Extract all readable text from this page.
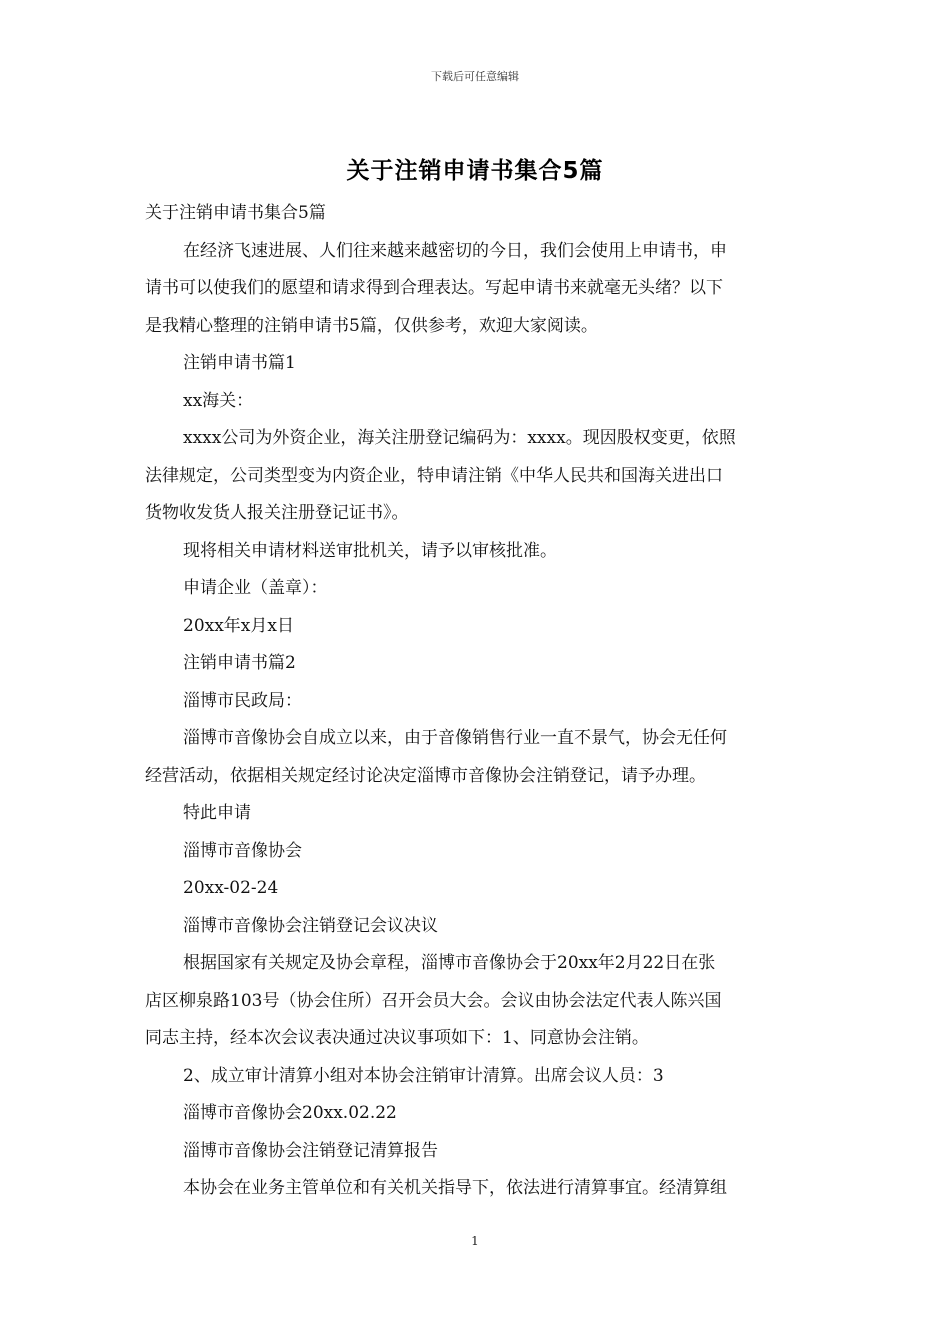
下载后可任意编辑
关于注销申请书集合5篇
关于注销申请书集合5篇
在经济飞速进展、人们往来越来越密切的今日，我们会使用上申请书，申
请书可以使我们的愿望和请求得到合理表达。写起申请书来就毫无头绪？以下
是我精心整理的注销申请书5篇，仅供参考，欢迎大家阅读。
注销申请书篇1
xx海关：
xxxx公司为外资企业，海关注册登记编码为：xxxx。现因股权变更，依照
法律规定，公司类型变为内资企业，特申请注销《中华人民共和国海关进出口
货物收发货人报关注册登记证书》。
现将相关申请材料送审批机关，请予以审核批准。
申请企业（盖章）：
20xx年x月x日
注销申请书篇2
淄博市民政局：
淄博市音像协会自成立以来，由于音像销售行业一直不景气，协会无任何
经营活动，依据相关规定经讨论决定淄博市音像协会注销登记，请予办理。
特此申请
淄博市音像协会
20xx-02-24
淄博市音像协会注销登记会议决议
根据国家有关规定及协会章程，淄博市音像协会于20xx年2月22日在张
店区柳泉路103号（协会住所）召开会员大会。会议由协会法定代表人陈兴国
同志主持，经本次会议表决通过决议事项如下：1、同意协会注销。
2、成立审计清算小组对本协会注销审计清算。出席会议人员：3
淄博市音像协会20xx.02.22
淄博市音像协会注销登记清算报告
本协会在业务主管单位和有关机关指导下，依法进行清算事宜。经清算组
1
